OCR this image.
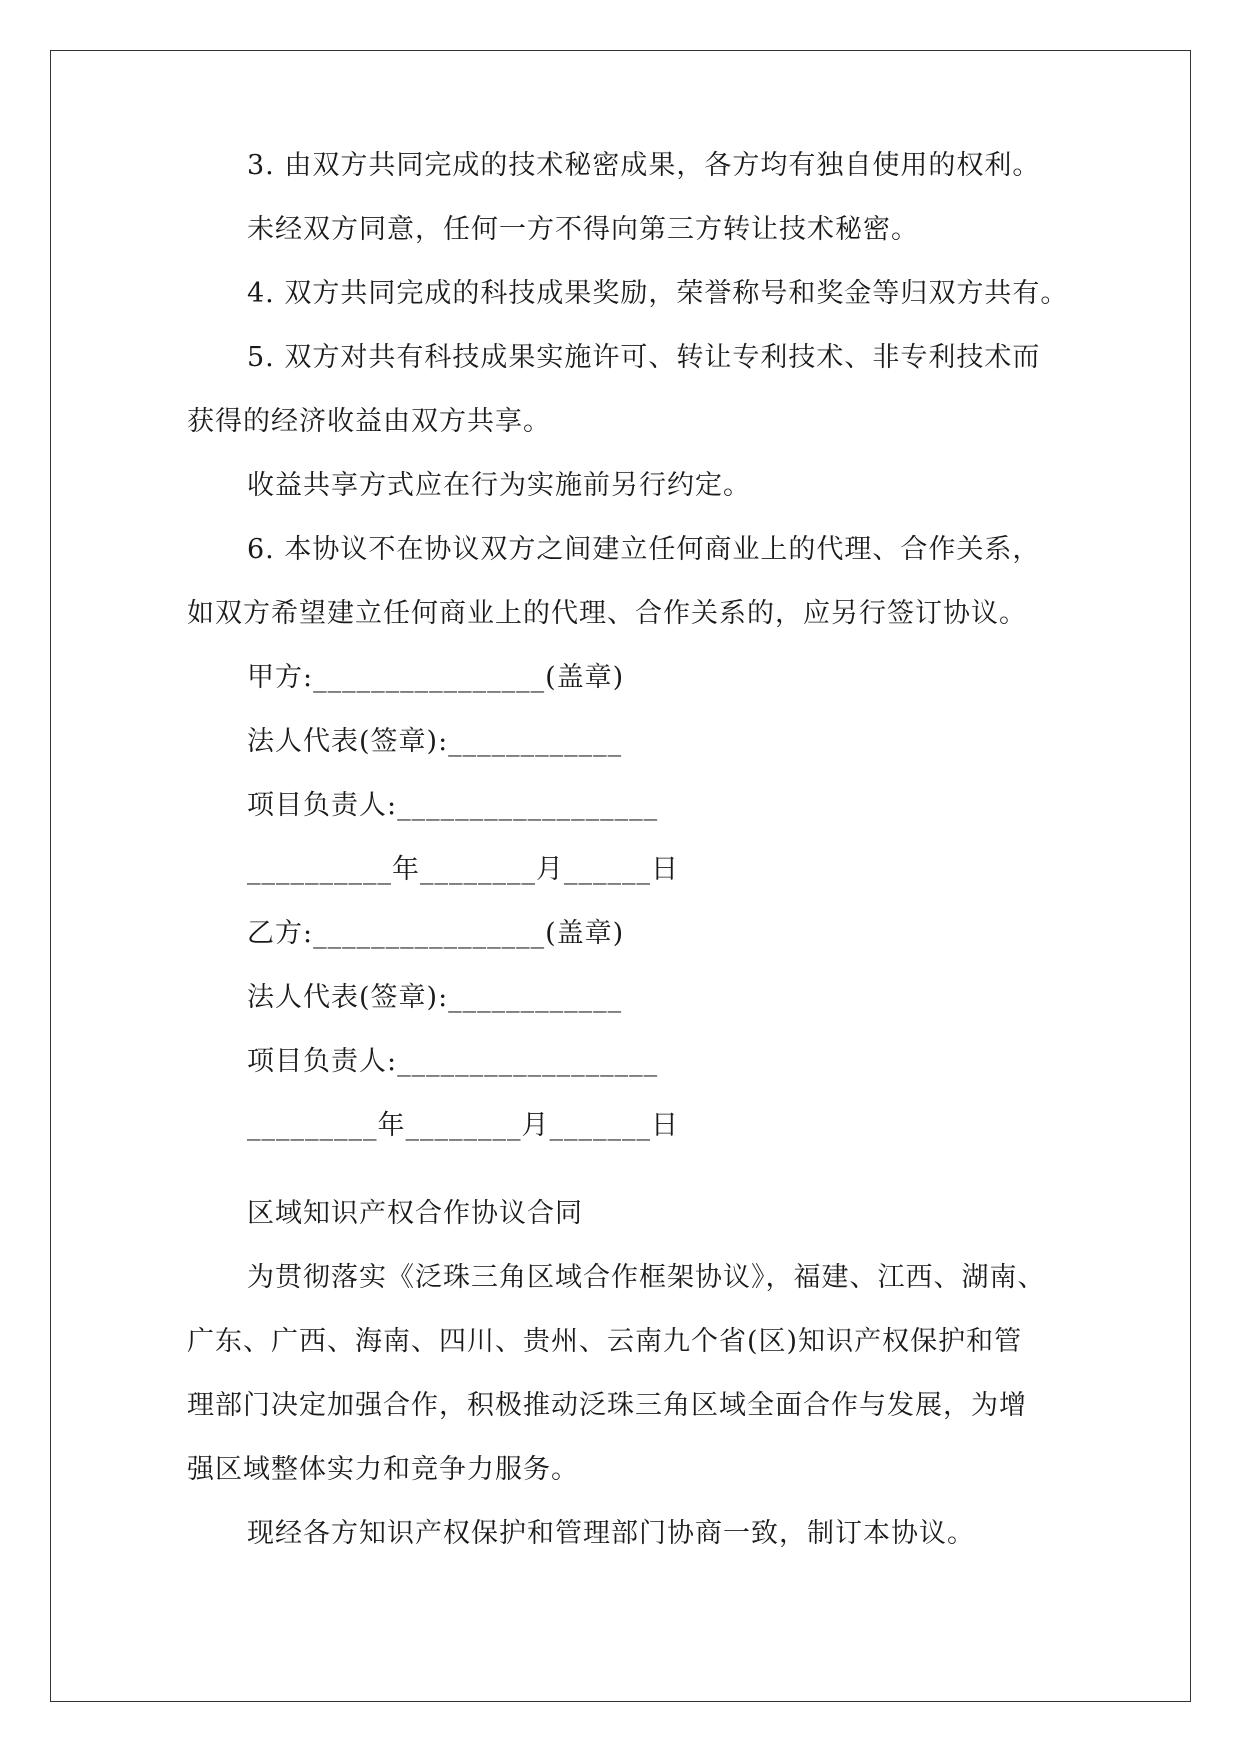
3. 由双方共同完成的技术秘密成果，各方均有独自使用的权利。
未经双方同意，任何一方不得向第三方转让技术秘密。
4. 双方共同完成的科技成果奖励，荣誉称号和奖金等归双方共有。
5. 双方对共有科技成果实施许可、转让专利技术、非专利技术而
获得的经济收益由双方共享。
收益共享方式应在行为实施前另行约定。
6. 本协议不在协议双方之间建立任何商业上的代理、合作关系，
如双方希望建立任何商业上的代理、合作关系的，应另行签订协议。
甲方:________________(盖章)
法人代表(签章):____________
项目负责人:__________________
__________年________月______日
乙方:________________(盖章)
法人代表(签章):____________
项目负责人:__________________
_________年________月_______日
区域知识产权合作协议合同
为贯彻落实《泛珠三角区域合作框架协议》，福建、江西、湖南、
广东、广西、海南、四川、贵州、云南九个省(区)知识产权保护和管
理部门决定加强合作，积极推动泛珠三角区域全面合作与发展，为增
强区域整体实力和竞争力服务。
现经各方知识产权保护和管理部门协商一致，制订本协议。
